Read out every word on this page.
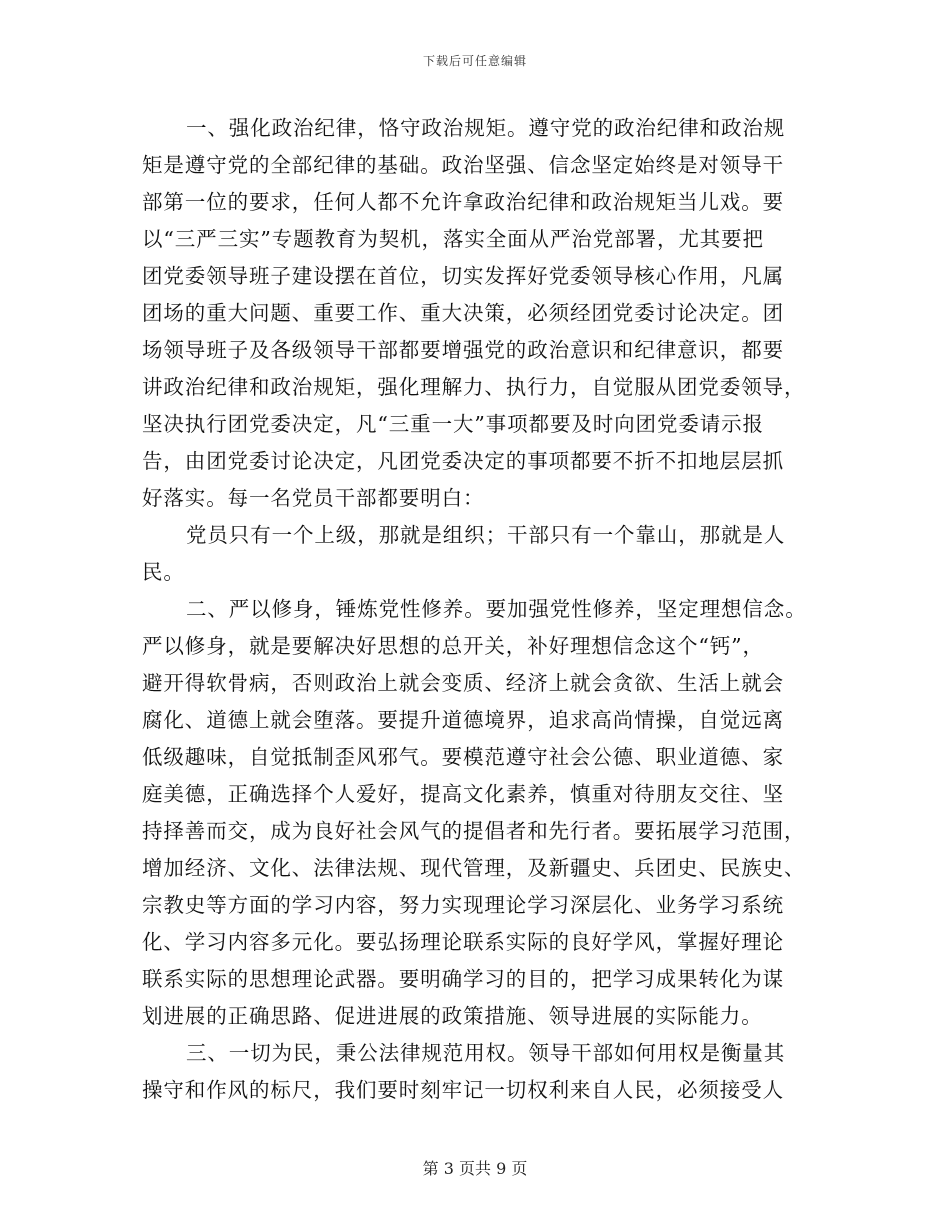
下载后可任意编辑
一、强化政治纪律，恪守政治规矩。遵守党的政治纪律和政治规
矩是遵守党的全部纪律的基础。政治坚强、信念坚定始终是对领导干
部第一位的要求，任何人都不允许拿政治纪律和政治规矩当儿戏。要
以“三严三实”专题教育为契机，落实全面从严治党部署，尤其要把
团党委领导班子建设摆在首位，切实发挥好党委领导核心作用，凡属
团场的重大问题、重要工作、重大决策，必须经团党委讨论决定。团
场领导班子及各级领导干部都要增强党的政治意识和纪律意识，都要
讲政治纪律和政治规矩，强化理解力、执行力，自觉服从团党委领导，
坚决执行团党委决定，凡“三重一大”事项都要及时向团党委请示报
告，由团党委讨论决定，凡团党委决定的事项都要不折不扣地层层抓
好落实。每一名党员干部都要明白：
党员只有一个上级，那就是组织；干部只有一个靠山，那就是人
民。
二、严以修身，锤炼党性修养。要加强党性修养，坚定理想信念。
严以修身，就是要解决好思想的总开关，补好理想信念这个“钙”，
避开得软骨病，否则政治上就会变质、经济上就会贪欲、生活上就会
腐化、道德上就会堕落。要提升道德境界，追求高尚情操，自觉远离
低级趣味，自觉抵制歪风邪气。要模范遵守社会公德、职业道德、家
庭美德，正确选择个人爱好，提高文化素养，慎重对待朋友交往、坚
持择善而交，成为良好社会风气的提倡者和先行者。要拓展学习范围，
增加经济、文化、法律法规、现代管理，及新疆史、兵团史、民族史、
宗教史等方面的学习内容，努力实现理论学习深层化、业务学习系统
化、学习内容多元化。要弘扬理论联系实际的良好学风，掌握好理论
联系实际的思想理论武器。要明确学习的目的，把学习成果转化为谋
划进展的正确思路、促进进展的政策措施、领导进展的实际能力。
三、一切为民，秉公法律规范用权。领导干部如何用权是衡量其
操守和作风的标尺，我们要时刻牢记一切权利来自人民，必须接受人
第 3 页共 9 页
